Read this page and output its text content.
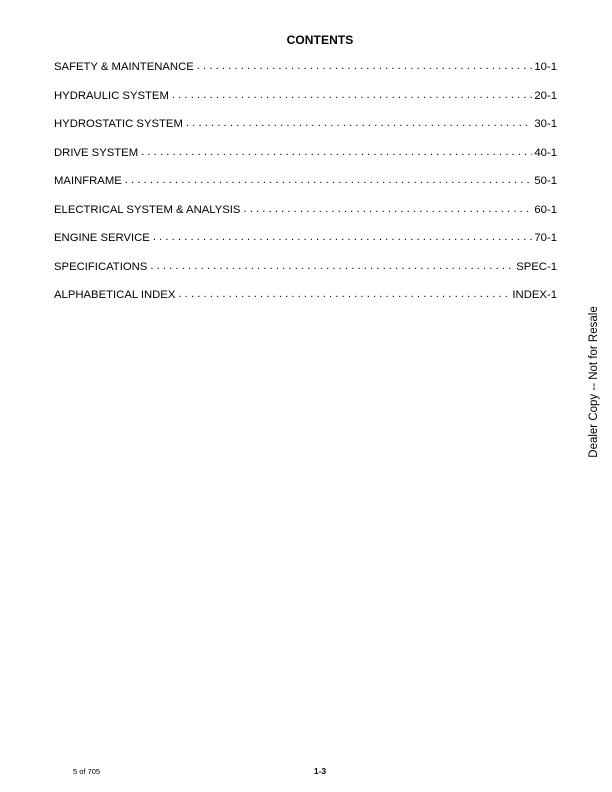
CONTENTS
SAFETY & MAINTENANCE . . .	10-1
HYDRAULIC SYSTEM . . .	20-1
HYDROSTATIC SYSTEM . . .	30-1
DRIVE SYSTEM . . .	40-1
MAINFRAME . . .	50-1
ELECTRICAL SYSTEM & ANALYSIS . . .	60-1
ENGINE SERVICE . . .	70-1
SPECIFICATIONS . . .	SPEC-1
ALPHABETICAL INDEX . . .	INDEX-1
Dealer Copy -- Not for Resale
5 of 705	1-3
